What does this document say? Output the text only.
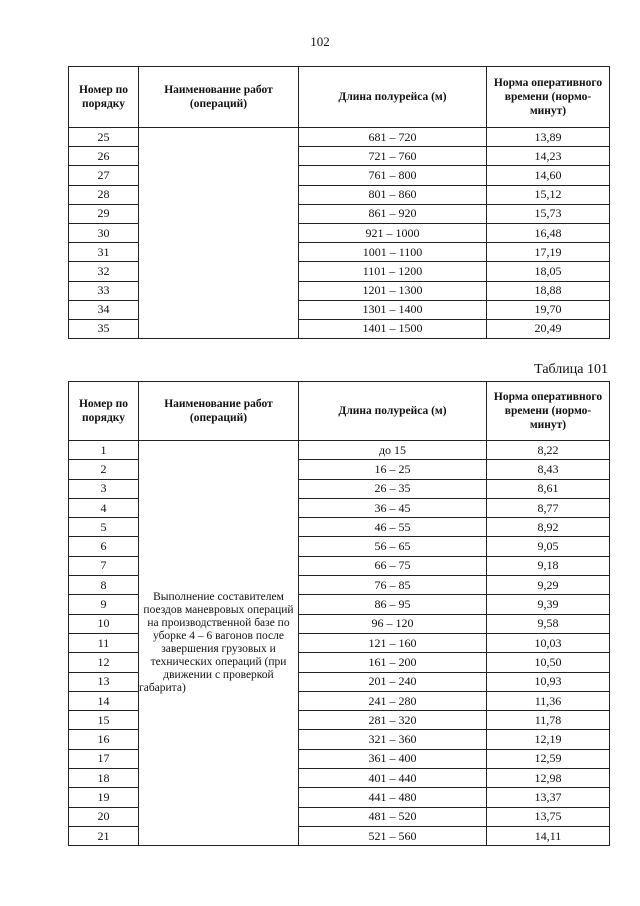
102
Номер по порядку	Наименование работ (операций)	Длина полурейса (м)	Норма оперативного времени (нормо-минут)
25		681 – 720	13,89
26		721 – 760	14,23
27		761 – 800	14,60
28		801 – 860	15,12
29		861 – 920	15,73
30		921 – 1000	16,48
31		1001 – 1100	17,19
32		1101 – 1200	18,05
33		1201 – 1300	18,88
34		1301 – 1400	19,70
35		1401 – 1500	20,49
Таблица 101
Номер по порядку	Наименование работ (операций)	Длина полурейса (м)	Норма оперативного времени (нормо-минут)
1	Выполнение составителем поездов маневровых операций на производственной базе по уборке 4 – 6 вагонов после завершения грузовых и технических операций (при движении с проверкой габарита)	до 15	8,22
2		16 – 25	8,43
3		26 – 35	8,61
4		36 – 45	8,77
5		46 – 55	8,92
6		56 – 65	9,05
7		66 – 75	9,18
8		76 – 85	9,29
9		86 – 95	9,39
10		96 – 120	9,58
11		121 – 160	10,03
12		161 – 200	10,50
13		201 – 240	10,93
14		241 – 280	11,36
15		281 – 320	11,78
16		321 – 360	12,19
17		361 – 400	12,59
18		401 – 440	12,98
19		441 – 480	13,37
20		481 – 520	13,75
21		521 – 560	14,11
